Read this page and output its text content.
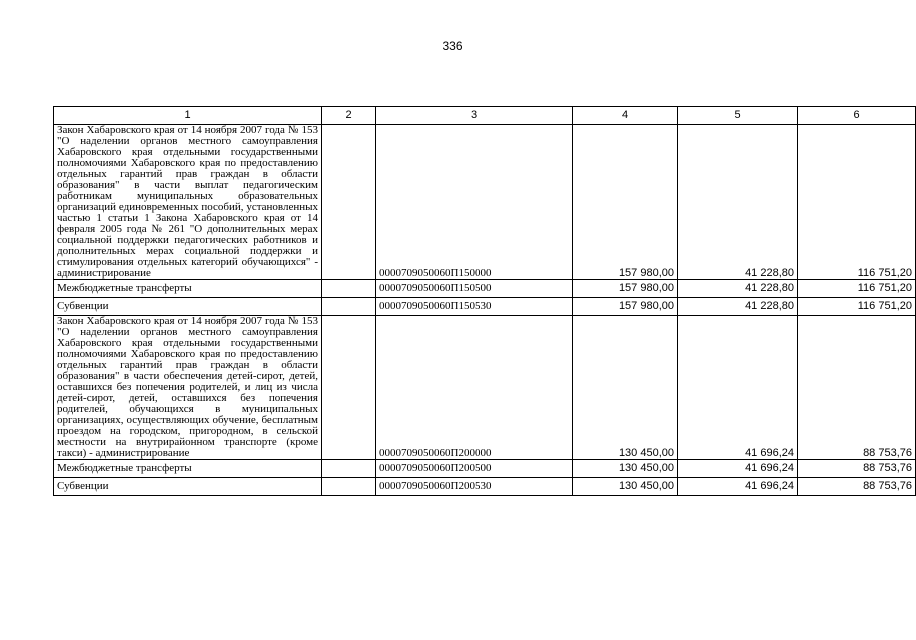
336
1	2	3	4	5	6
Закон Хабаровского края от 14 ноября 2007 года № 153 "О наделении органов местного самоуправления Хабаровского края отдельными государственными полномочиями Хабаровского края по предоставлению отдельных гарантий прав граждан в области образования" в части выплат педагогическим работникам муниципальных образовательных организаций единовременных пособий, установленных частью 1 статьи 1 Закона Хабаровского края от 14 февраля 2005 года № 261 "О дополнительных мерах социальной поддержки педагогических работников и дополнительных мерах социальной поддержки и стимулирования отдельных категорий обучающихся" - администрирование		0000709050060П150000	157 980,00	41 228,80	116 751,20
Межбюджетные трансферты		0000709050060П150500	157 980,00	41 228,80	116 751,20
Субвенции		0000709050060П150530	157 980,00	41 228,80	116 751,20
Закон Хабаровского края от 14 ноября 2007 года № 153 "О наделении органов местного самоуправления Хабаровского края отдельными государственными полномочиями Хабаровского края по предоставлению отдельных гарантий прав граждан в области образования" в части обеспечения детей-сирот, детей, оставшихся без попечения родителей, и лиц из числа детей-сирот, детей, оставшихся без попечения родителей, обучающихся в муниципальных организациях, осуществляющих обучение, бесплатным проездом на городском, пригородном, в сельской местности на внутрирайонном транспорте (кроме такси) - администрирование		0000709050060П200000	130 450,00	41 696,24	88 753,76
Межбюджетные трансферты		0000709050060П200500	130 450,00	41 696,24	88 753,76
Субвенции		0000709050060П200530	130 450,00	41 696,24	88 753,76
